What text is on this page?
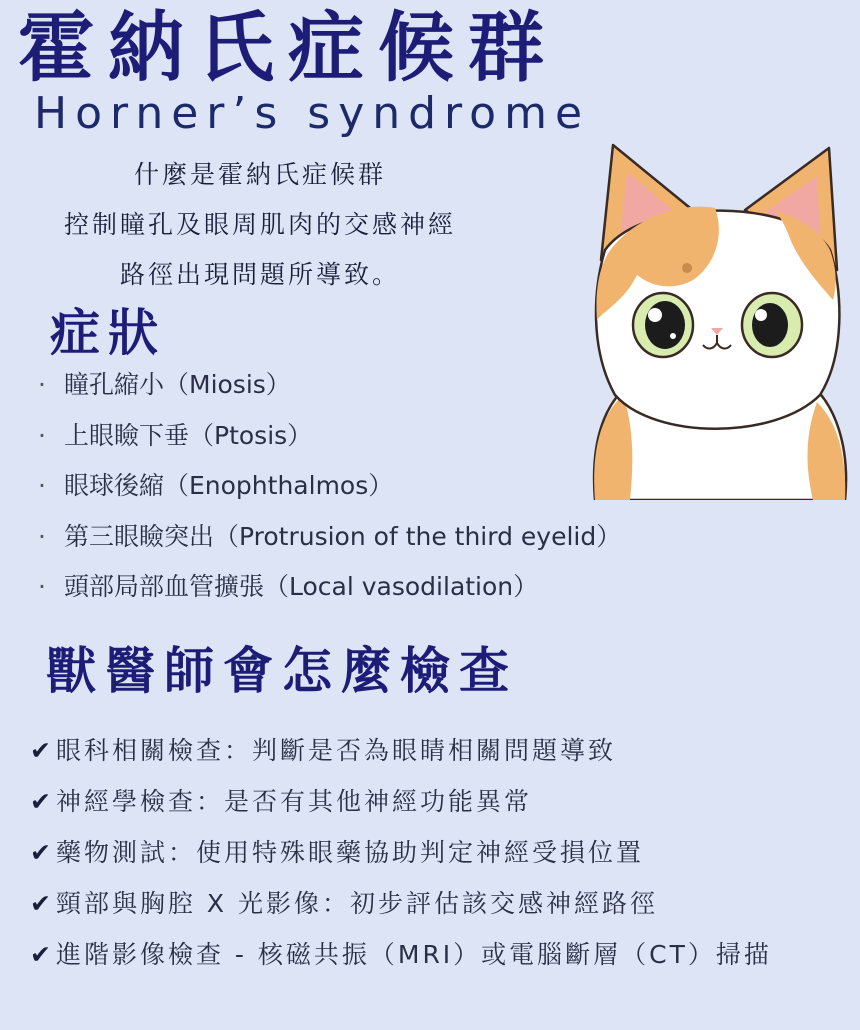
霍納氏症候群
Horner’s syndrome
什麼是霍納氏症候群
控制瞳孔及眼周肌肉的交感神經
路徑出現問題所導致。
症狀
· 瞳孔縮小（Miosis）
· 上眼瞼下垂（Ptosis）
· 眼球後縮（Enophthalmos）
· 第三眼瞼突出（Protrusion of the third eyelid）
· 頭部局部血管擴張（Local vasodilation）
獸醫師會怎麼檢查
✔眼科相關檢查：判斷是否為眼睛相關問題導致
✔神經學檢查：是否有其他神經功能異常
✔藥物測試：使用特殊眼藥協助判定神經受損位置
✔頸部與胸腔 X 光影像：初步評估該交感神經路徑
✔進階影像檢查 - 核磁共振（MRI）或電腦斷層（CT）掃描
